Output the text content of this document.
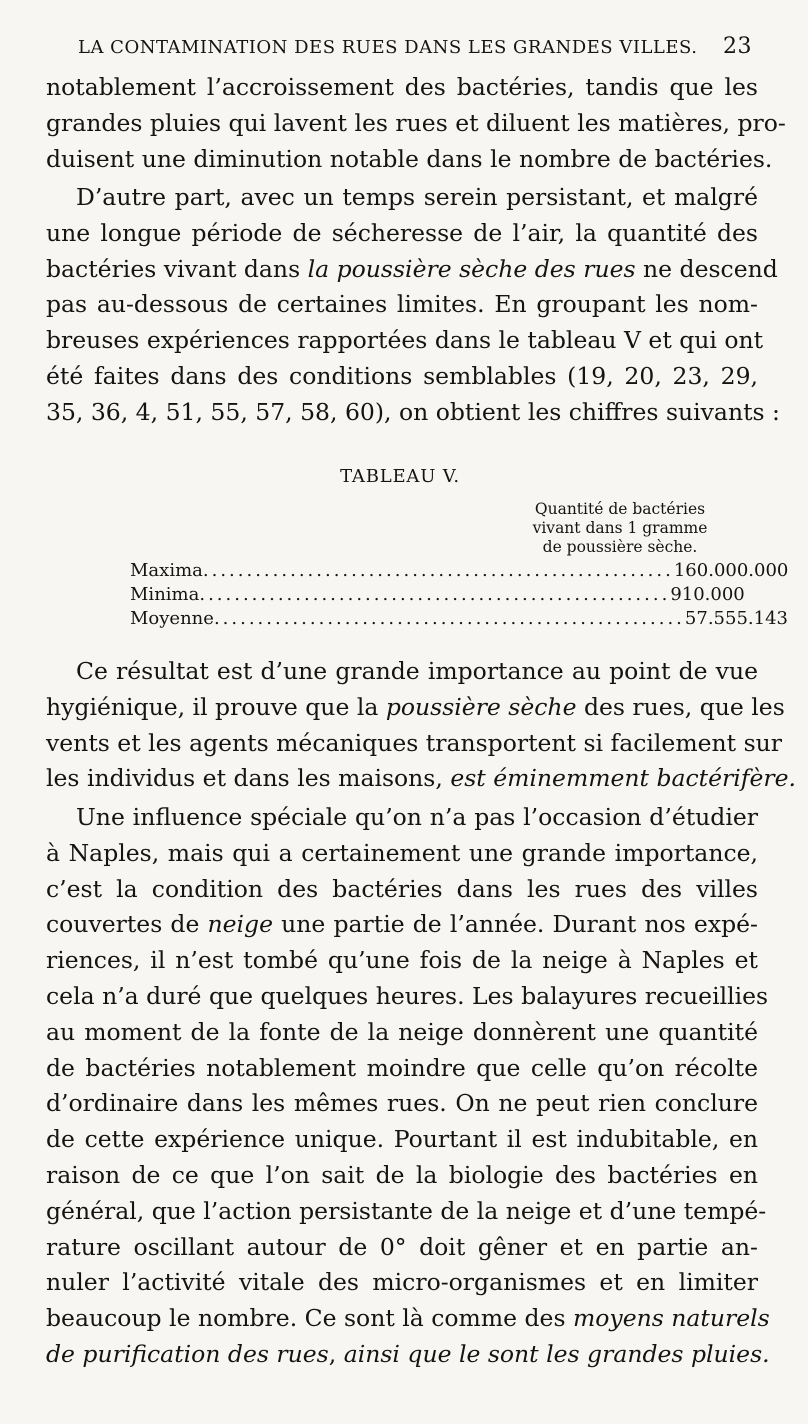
LA CONTAMINATION DES RUES DANS LES GRANDES VILLES. 23
notablement l’accroissement des bactéries, tandis que les
grandes pluies qui lavent les rues et diluent les matières, pro-
duisent une diminution notable dans le nombre de bactéries.
D’autre part, avec un temps serein persistant, et malgré
une longue période de sécheresse de l’air, la quantité des
bactéries vivant dans la poussière sèche des rues ne descend
pas au-dessous de certaines limites. En groupant les nom-
breuses expériences rapportées dans le tableau V et qui ont
été faites dans des conditions semblables (19, 20, 23, 29,
35, 36, 4, 51, 55, 57, 58, 60), on obtient les chiffres suivants :
TABLEAU V.
Quantité de bactéries
vivant dans 1 gramme
de poussière sèche.
Maxima ...................................................... 160.000.000
Minima ...................................................... 910.000
Moyenne ...................................................... 57.555.143
Ce résultat est d’une grande importance au point de vue
hygiénique, il prouve que la poussière sèche des rues, que les
vents et les agents mécaniques transportent si facilement sur
les individus et dans les maisons, est éminemment bactérifère.
Une influence spéciale qu’on n’a pas l’occasion d’étudier
à Naples, mais qui a certainement une grande importance,
c’est la condition des bactéries dans les rues des villes
couvertes de neige une partie de l’année. Durant nos expé-
riences, il n’est tombé qu’une fois de la neige à Naples et
cela n’a duré que quelques heures. Les balayures recueillies
au moment de la fonte de la neige donnèrent une quantité
de bactéries notablement moindre que celle qu’on récolte
d’ordinaire dans les mêmes rues. On ne peut rien conclure
de cette expérience unique. Pourtant il est indubitable, en
raison de ce que l’on sait de la biologie des bactéries en
général, que l’action persistante de la neige et d’une tempé-
rature oscillant autour de 0° doit gêner et en partie an-
nuler l’activité vitale des micro-organismes et en limiter
beaucoup le nombre. Ce sont là comme des moyens naturels
de purification des rues, ainsi que le sont les grandes pluies.
